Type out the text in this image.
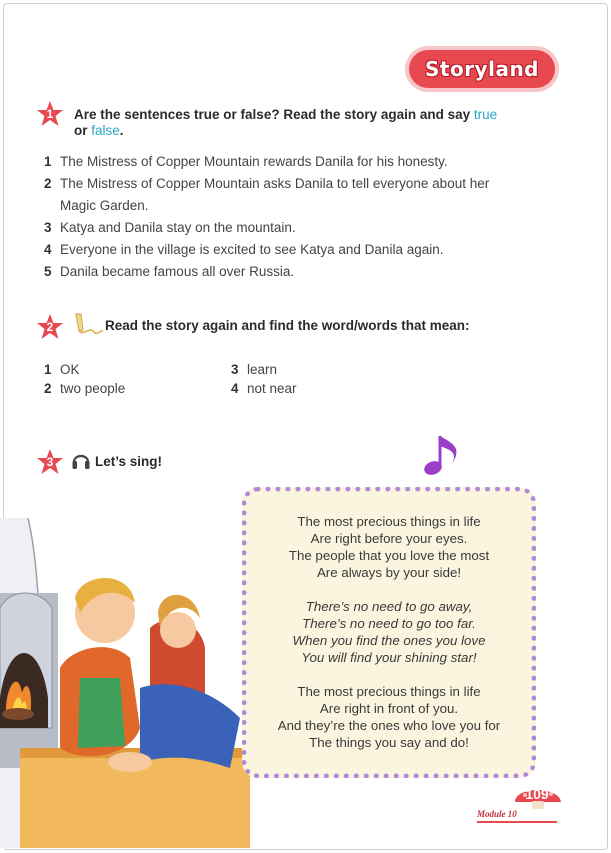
Storyland
1	Are the sentences true or false? Read the story again and say true
or false.
1 The Mistress of Copper Mountain rewards Danila for his honesty.
2 The Mistress of Copper Mountain asks Danila to tell everyone about her
Magic Garden.
3 Katya and Danila stay on the mountain.
4 Everyone in the village is excited to see Katya and Danila again.
5 Danila became famous all over Russia.
2	Read the story again and find the word/words that mean:
1 OK
2 two people
3 learn
4 not near
3	Let’s sing!
The most precious things in life
Are right before your eyes.
The people that you love the most
Are always by your side!
There’s no need to go away,
There’s no need to go too far.
When you find the ones you love
You will find your shining star!
The most precious things in life
Are right in front of you.
And they’re the ones who love you for
The things you say and do!
109
Module 10
